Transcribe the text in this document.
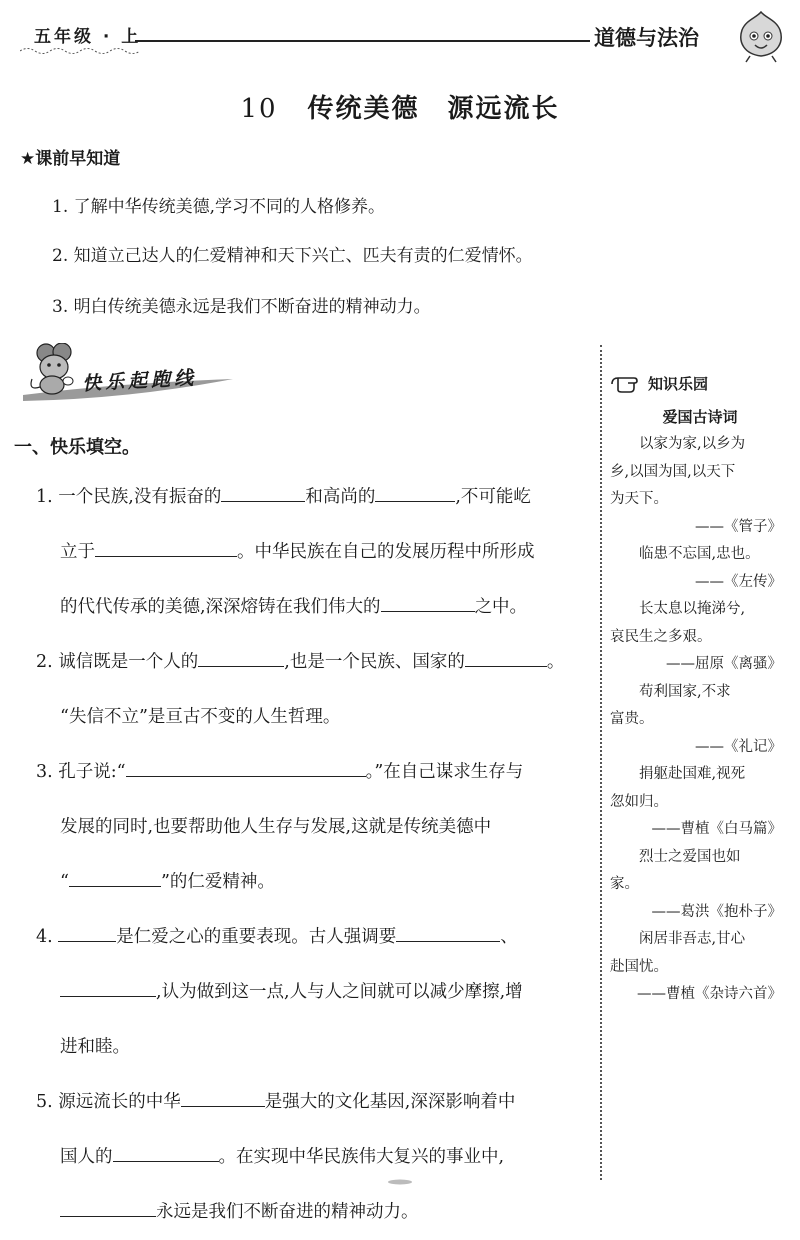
五年级 · 上	道德与法治
10 传统美德 源远流长
★课前早知道
1. 了解中华传统美德,学习不同的人格修养。
2. 知道立己达人的仁爱精神和天下兴亡、匹夫有责的仁爱情怀。
3. 明白传统美德永远是我们不断奋进的精神动力。
快乐起跑线
一、快乐填空。

1. 一个民族,没有振奋的	和高尚的	,不可能屹

立于	。中华民族在自己的发展历程中所形成

的代代传承的美德,深深熔铸在我们伟大的	之中。

2. 诚信既是一个人的	,也是一个民族、国家的	。

“失信不立”是亘古不变的人生哲理。

3. 孔子说:“	。”在自己谋求生存与

发展的同时,也要帮助他人生存与发展,这就是传统美德中

“	”的仁爱精神。

4.	是仁爱之心的重要表现。古人强调要	、

,认为做到这一点,人与人之间就可以减少摩擦,增

进和睦。

5. 源远流长的中华	是强大的文化基因,深深影响着中

国人的	。在实现中华民族伟大复兴的事业中,

永远是我们不断奋进的精神动力。

知识乐园
爱国古诗词
以家为家,以乡为
乡,以国为国,以天下
为天下。
——《管子》
临患不忘国,忠也。
——《左传》
长太息以掩涕兮,
哀民生之多艰。
——屈原《离骚》
苟利国家,不求
富贵。
——《礼记》
捐躯赴国难,视死
忽如归。
——曹植《白马篇》
烈士之爱国也如
家。
——葛洪《抱朴子》
闲居非吾志,甘心
赴国忧。
——曹植《杂诗六首》
